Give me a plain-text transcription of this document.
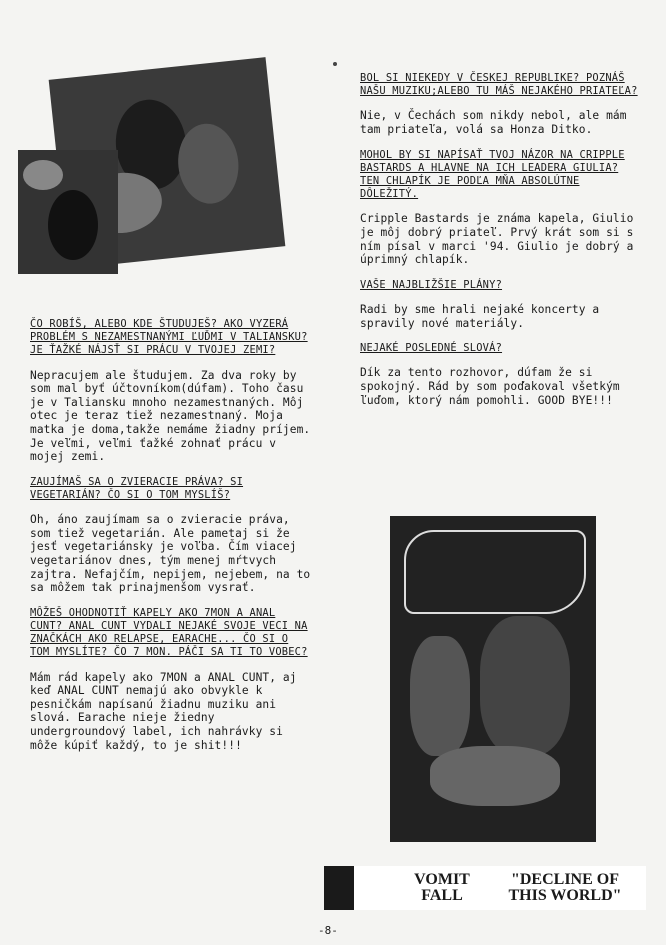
ČO ROBÍŠ, ALEBO KDE ŠTUDUJEŠ? AKO VYZERÁ PROBLÉM S NEZAMESTNANÝMI ĽUĎMI V TALIANSKU? JE ŤAŽKÉ NÁJSŤ SI PRÁCU V TVOJEJ ZEMI?

Nepracujem ale študujem. Za dva roky by som mal byť účtovníkom(dúfam). Toho času je v Taliansku mnoho nezamestnaných. Môj otec je teraz tiež nezamestnaný. Moja matka je doma,takže nemáme žiadny príjem. Je veľmi, veľmi ťažké zohnať prácu v mojej zemi.

ZAUJÍMAŠ SA O ZVIERACIE PRÁVA? SI VEGETARIÁN? ČO SI O TOM MYSLÍŠ?

Oh, áno zaujímam sa o zvieracie práva, som tiež vegetarián. Ale pametaj si že jesť vegetariánsky je voľba. Čím viacej vegetariánov dnes, tým menej mŕtvych zajtra. Nefajčím, nepijem, nejebem, na to sa môžem tak prinajmenšom vysrať.

MÔŽEŠ OHODNOTIŤ KAPELY AKO 7MON A ANAL CUNT? ANAL CUNT VYDALI NEJAKÉ SVOJE VECI NA ZNAČKÁCH AKO RELAPSE, EARACHE... ČO SI O TOM MYSLÍTE? ČO 7 MON. PÁČI SA TI TO VOBEC?

Mám rád kapely ako 7MON a ANAL CUNT, aj keď ANAL CUNT nemajú ako obvykle k pesničkám napísanú žiadnu muziku ani slová. Earache nieje žiedny undergroundový label, ich nahrávky si môže kúpiť každý, to je shit!!!

BOL SI NIEKEDY V ČESKEJ REPUBLIKE? POZNÁŠ NAŠU MUZIKU;ALEBO TU MÁŠ NEJAKÉHO PRIATEĽA?

Nie, v Čechách som nikdy nebol, ale mám tam priateľa, volá sa Honza Ditko.

MOHOL BY SI NAPÍSAŤ TVOJ NÁZOR NA CRIPPLE BASTARDS A HLAVNE NA ICH LEADERA GIULIA? TEN CHLAPÍK JE PODĽA MŇA ABSOLÚTNE DÔLEŽITÝ.

Cripple Bastards je známa kapela, Giulio je môj dobrý priateľ. Prvý krát som si s ním písal v marci '94. Giulio je dobrý a úprimný chlapík.

VAŠE NAJBLIŽŠIE PLÁNY?

Radi by sme hrali nejaké koncerty a spravily nové materiály.

NEJAKÉ POSLEDNÉ SLOVÁ?

Dík za tento rozhovor, dúfam že si spokojný. Rád by som poďakoval všetkým ľuďom, ktorý nám pomohli. GOOD BYE!!!

VOMIT FALL
"DECLINE OF THIS WORLD"
-8-
